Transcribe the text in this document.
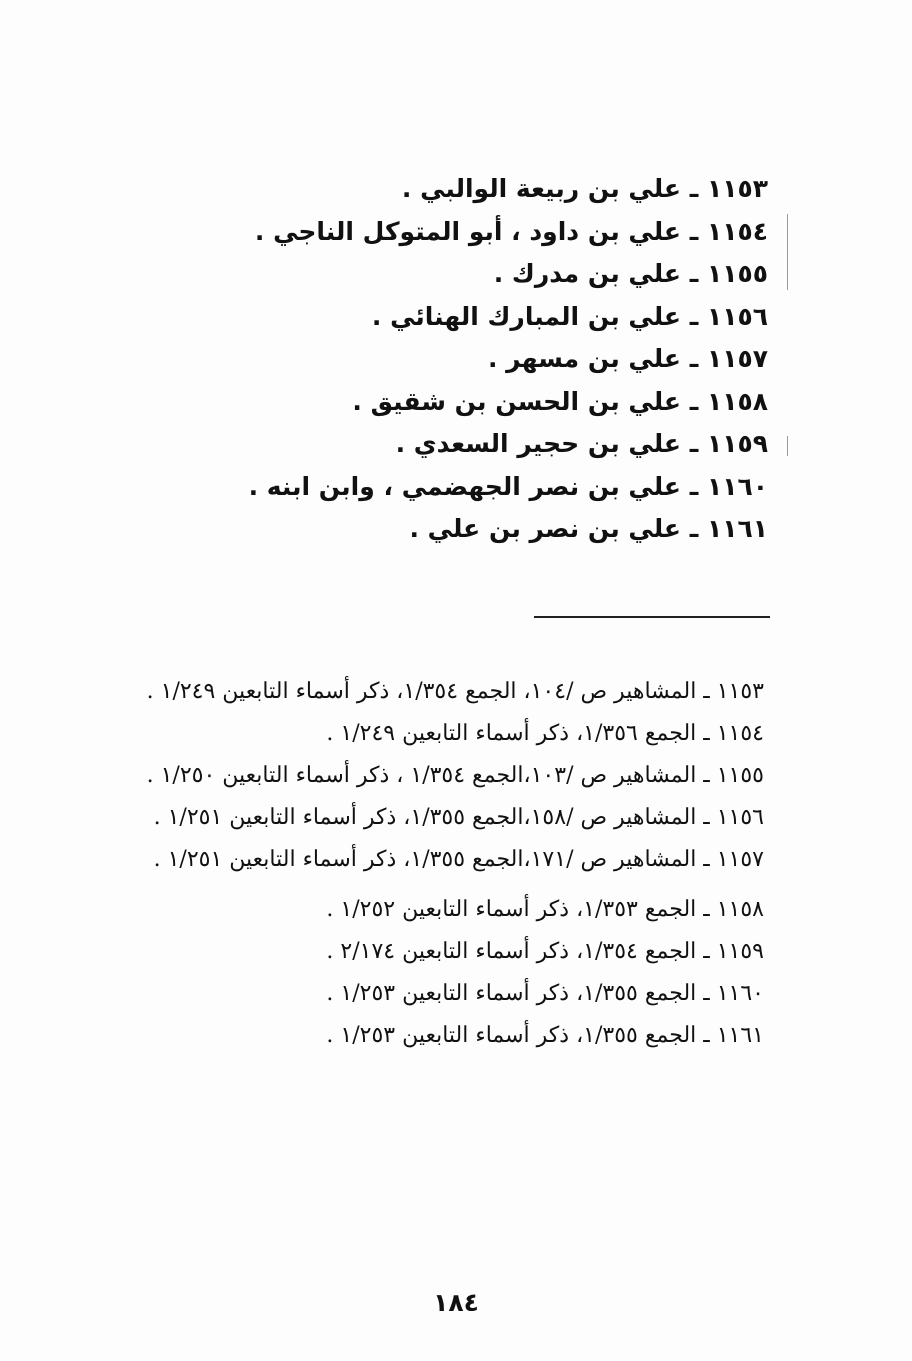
١١٥٣ ـ علي بن ربيعة الوالبي .
١١٥٤ ـ علي بن داود ، أبو المتوكل الناجي .
١١٥٥ ـ علي بن مدرك .
١١٥٦ ـ علي بن المبارك الهنائي .
١١٥٧ ـ علي بن مسهر .
١١٥٨ ـ علي بن الحسن بن شقيق .
١١٥٩ ـ علي بن حجير السعدي .
١١٦٠ ـ علي بن نصر الجهضمي ، وابن ابنه .
١١٦١ ـ علي بن نصر بن علي .
١١٥٣ ـ المشاهير ص /١٠٤، الجمع ١/٣٥٤، ذكر أسماء التابعين ١/٢٤٩ .
١١٥٤ ـ الجمع ١/٣٥٦، ذكر أسماء التابعين ١/٢٤٩ .
١١٥٥ ـ المشاهير ص /١٠٣،الجمع ١/٣٥٤ ، ذكر أسماء التابعين ١/٢٥٠ .
١١٥٦ ـ المشاهير ص /١٥٨،الجمع ١/٣٥٥، ذكر أسماء التابعين ١/٢٥١ .
١١٥٧ ـ المشاهير ص /١٧١،الجمع ١/٣٥٥، ذكر أسماء التابعين ١/٢٥١ .
١١٥٨ ـ الجمع ١/٣٥٣، ذكر أسماء التابعين ١/٢٥٢ .
١١٥٩ ـ الجمع ١/٣٥٤، ذكر أسماء التابعين ٢/١٧٤ .
١١٦٠ ـ الجمع ١/٣٥٥، ذكر أسماء التابعين ١/٢٥٣ .
١١٦١ ـ الجمع ١/٣٥٥، ذكر أسماء التابعين ١/٢٥٣ .
١٨٤
